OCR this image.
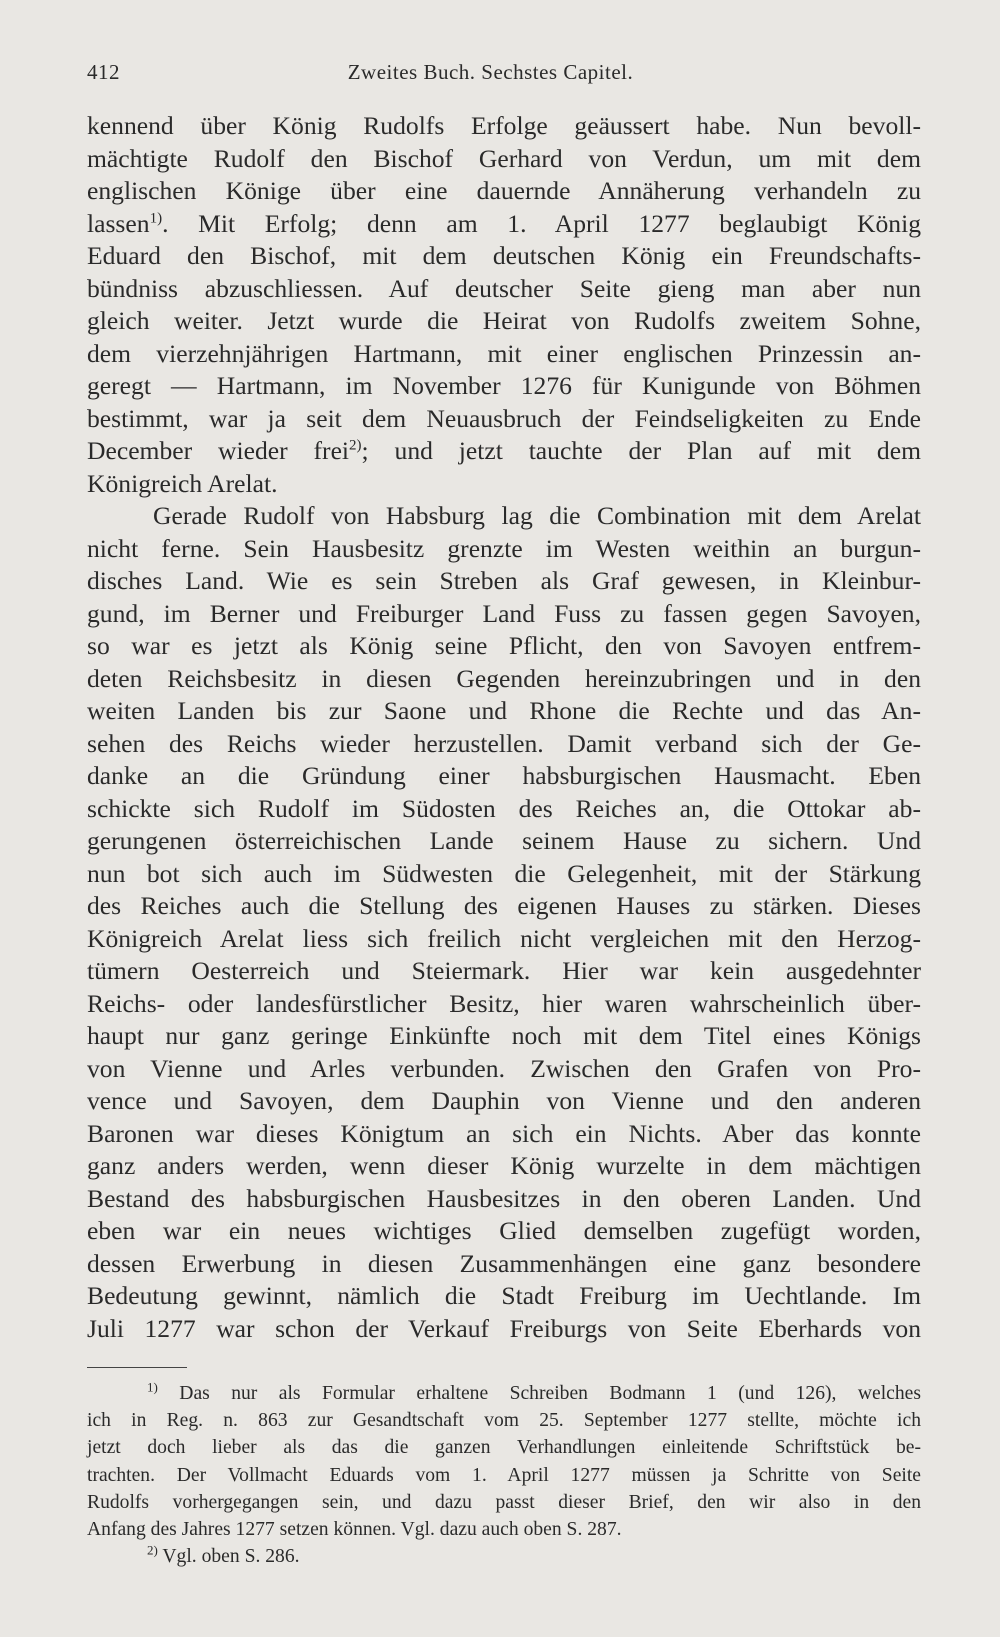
412	Zweites Buch. Sechstes Capitel.
kennend über König Rudolfs Erfolge geäussert habe. Nun bevoll-
mächtigte Rudolf den Bischof Gerhard von Verdun, um mit dem
englischen Könige über eine dauernde Annäherung verhandeln zu
lassen$^{1)}$. Mit Erfolg; denn am 1. April 1277 beglaubigt König
Eduard den Bischof, mit dem deutschen König ein Freundschafts-
bündniss abzuschliessen. Auf deutscher Seite gieng man aber nun
gleich weiter. Jetzt wurde die Heirat von Rudolfs zweitem Sohne,
dem vierzehnjährigen Hartmann, mit einer englischen Prinzessin an-
geregt — Hartmann, im November 1276 für Kunigunde von Böhmen
bestimmt, war ja seit dem Neuausbruch der Feindseligkeiten zu Ende
December wieder frei$^{2)}$; und jetzt tauchte der Plan auf mit dem
Königreich Arelat.
Gerade Rudolf von Habsburg lag die Combination mit dem Arelat
nicht ferne. Sein Hausbesitz grenzte im Westen weithin an burgun-
disches Land. Wie es sein Streben als Graf gewesen, in Kleinbur-
gund, im Berner und Freiburger Land Fuss zu fassen gegen Savoyen,
so war es jetzt als König seine Pflicht, den von Savoyen entfrem-
deten Reichsbesitz in diesen Gegenden hereinzubringen und in den
weiten Landen bis zur Saone und Rhone die Rechte und das An-
sehen des Reichs wieder herzustellen. Damit verband sich der Ge-
danke an die Gründung einer habsburgischen Hausmacht. Eben
schickte sich Rudolf im Südosten des Reiches an, die Ottokar ab-
gerungenen österreichischen Lande seinem Hause zu sichern. Und
nun bot sich auch im Südwesten die Gelegenheit, mit der Stärkung
des Reiches auch die Stellung des eigenen Hauses zu stärken. Dieses
Königreich Arelat liess sich freilich nicht vergleichen mit den Herzog-
tümern Oesterreich und Steiermark. Hier war kein ausgedehnter
Reichs- oder landesfürstlicher Besitz, hier waren wahrscheinlich über-
haupt nur ganz geringe Einkünfte noch mit dem Titel eines Königs
von Vienne und Arles verbunden. Zwischen den Grafen von Pro-
vence und Savoyen, dem Dauphin von Vienne und den anderen
Baronen war dieses Königtum an sich ein Nichts. Aber das konnte
ganz anders werden, wenn dieser König wurzelte in dem mächtigen
Bestand des habsburgischen Hausbesitzes in den oberen Landen. Und
eben war ein neues wichtiges Glied demselben zugefügt worden,
dessen Erwerbung in diesen Zusammenhängen eine ganz besondere
Bedeutung gewinnt, nämlich die Stadt Freiburg im Uechtlande. Im
Juli 1277 war schon der Verkauf Freiburgs von Seite Eberhards von
$^{1)}$ Das nur als Formular erhaltene Schreiben Bodmann 1 (und 126), welches
ich in Reg. n. 863 zur Gesandtschaft vom 25. September 1277 stellte, möchte ich
jetzt doch lieber als das die ganzen Verhandlungen einleitende Schriftstück be-
trachten. Der Vollmacht Eduards vom 1. April 1277 müssen ja Schritte von Seite
Rudolfs vorhergegangen sein, und dazu passt dieser Brief, den wir also in den
Anfang des Jahres 1277 setzen können. Vgl. dazu auch oben S. 287.
$^{2)}$ Vgl. oben S. 286.
